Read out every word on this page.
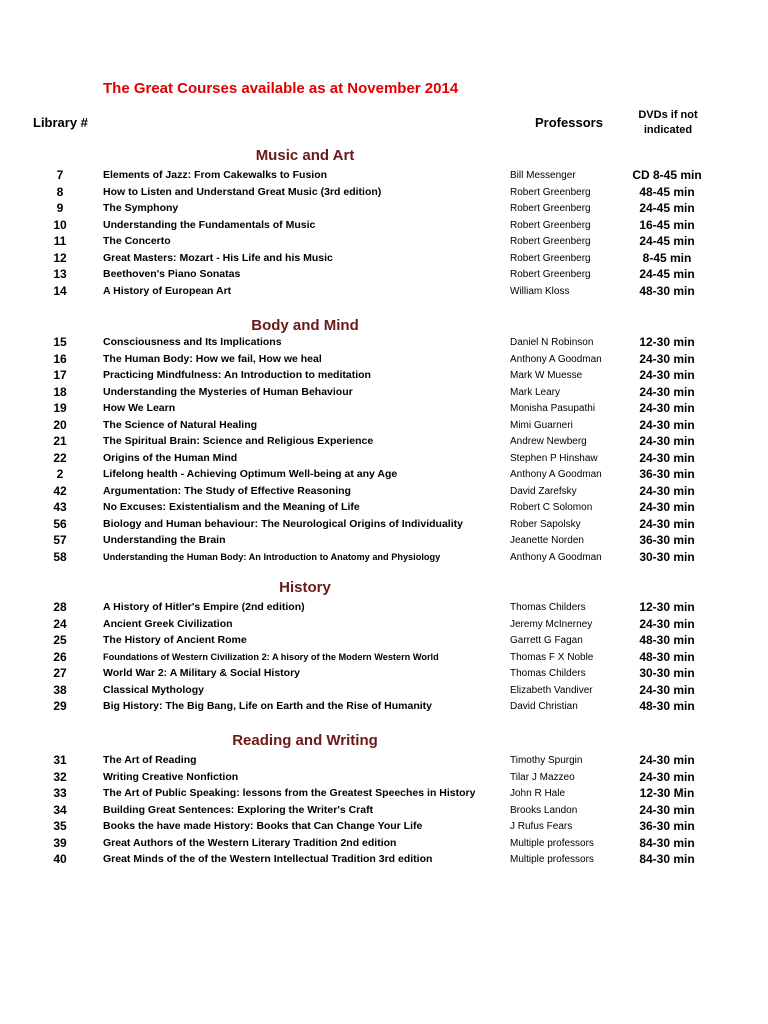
The Great Courses available as at November 2014
Library #	Professors	DVDs if not
indicated
Music and Art
7	Elements of Jazz: From Cakewalks to Fusion	Bill Messenger	CD 8-45 min
8	How to Listen and Understand Great Music (3rd edition)	Robert Greenberg	48-45 min
9	The Symphony	Robert Greenberg	24-45 min
10	Understanding the Fundamentals of Music	Robert Greenberg	16-45 min
11	The Concerto	Robert Greenberg	24-45 min
12	Great Masters: Mozart - His Life and his Music	Robert Greenberg	8-45 min
13	Beethoven's Piano Sonatas	Robert Greenberg	24-45 min
14	A History of European Art	William Kloss	48-30 min
Body and Mind
15	Consciousness and Its Implications	Daniel N Robinson	12-30 min
16	The Human Body: How we fail, How we heal	Anthony A Goodman	24-30 min
17	Practicing Mindfulness: An Introduction to meditation	Mark W Muesse	24-30 min
18	Understanding the Mysteries of Human Behaviour	Mark Leary	24-30 min
19	How We Learn	Monisha Pasupathi	24-30 min
20	The Science of Natural Healing	Mimi Guarneri	24-30 min
21	The Spiritual Brain: Science and Religious Experience	Andrew Newberg	24-30 min
22	Origins of the Human Mind	Stephen P Hinshaw	24-30 min
2	Lifelong health - Achieving Optimum Well-being at any Age	Anthony A Goodman	36-30 min
42	Argumentation: The Study of Effective Reasoning	David Zarefsky	24-30 min
43	No Excuses: Existentialism and the Meaning of Life	Robert C Solomon	24-30 min
56	Biology and Human behaviour: The Neurological Origins of Individuality	Rober Sapolsky	24-30 min
57	Understanding the Brain	Jeanette Norden	36-30 min
58	Understanding the Human Body: An Introduction to Anatomy and Physiology	Anthony A Goodman	30-30 min
History
28	A History of Hitler's Empire (2nd edition)	Thomas Childers	12-30 min
24	Ancient Greek Civilization	Jeremy McInerney	24-30 min
25	The History of Ancient Rome	Garrett G Fagan	48-30 min
26	Foundations of Western Civilization 2: A hisory of the Modern Western World	Thomas F X Noble	48-30 min
27	World War 2: A Military & Social History	Thomas Childers	30-30 min
38	Classical Mythology	Elizabeth Vandiver	24-30 min
29	Big History: The Big Bang, Life on Earth and the Rise of Humanity	David Christian	48-30 min
Reading and Writing
31	The Art of Reading	Timothy Spurgin	24-30 min
32	Writing Creative Nonfiction	Tilar J Mazzeo	24-30 min
33	The Art of Public Speaking: lessons from the Greatest Speeches in History	John R Hale	12-30 Min
34	Building Great Sentences: Exploring the Writer's Craft	Brooks Landon	24-30 min
35	Books the have made History: Books that Can Change Your Life	J Rufus Fears	36-30 min
39	Great Authors of the Western Literary Tradition 2nd edition	Multiple professors	84-30 min
40	Great Minds of the of the Western Intellectual Tradition 3rd edition	Multiple professors	84-30 min
